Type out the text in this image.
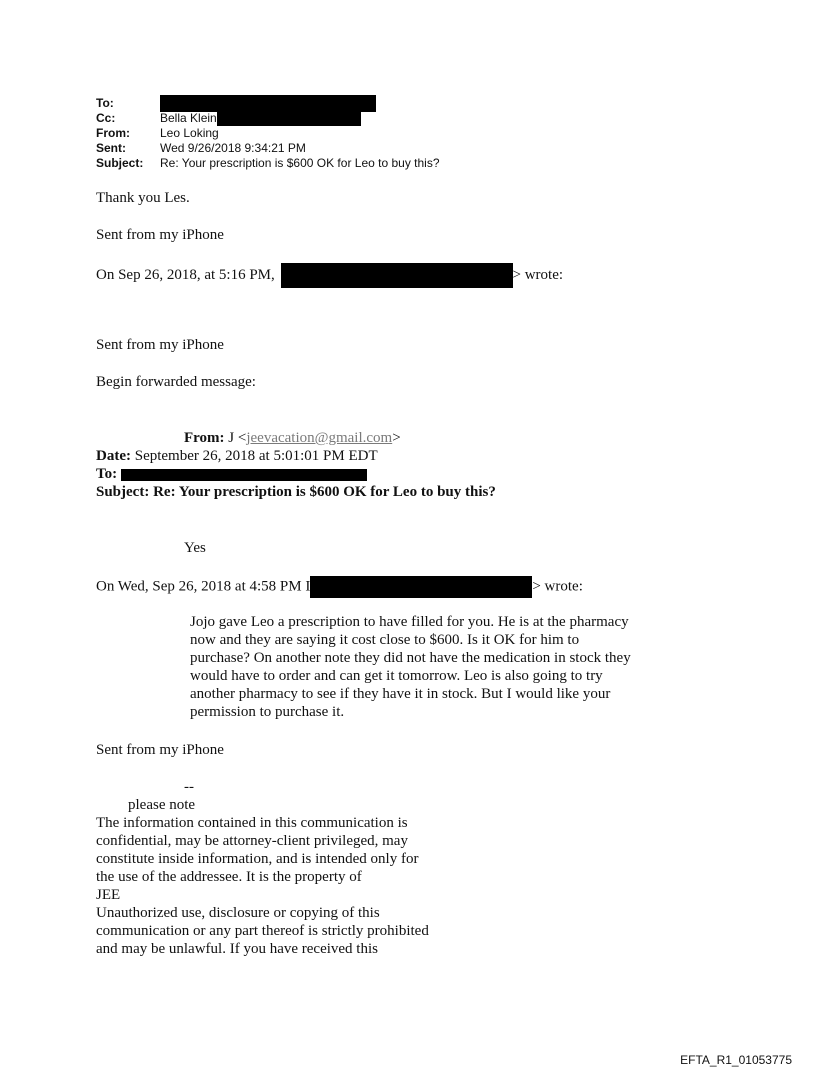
To:
Cc:	Bella Klein
From:	Leo Loking
Sent:	Wed 9/26/2018 9:34:21 PM
Subject:	Re: Your prescription is $600 OK for Leo to buy this?
Thank you Les.
Sent from my iPhone
On Sep 26, 2018, at 5:16 PM,	> wrote:
Sent from my iPhone
Begin forwarded message:
From: J <jeevacation@gmail.com>
Date: September 26, 2018 at 5:01:01 PM EDT
To:
Subject: Re: Your prescription is $600 OK for Leo to buy this?
Yes
On Wed, Sep 26, 2018 at 4:58 PM I	> wrote:
Jojo gave Leo a prescription to have filled for you. He is at the pharmacy now and they are saying it cost close to $600. Is it OK for him to purchase? On another note they did not have the medication in stock they would have to order and can get it tomorrow. Leo is also going to try another pharmacy to see if they have it in stock. But I would like your permission to purchase it.
Sent from my iPhone
--
please note
The information contained in this communication is
confidential, may be attorney-client privileged, may
constitute inside information, and is intended only for
the use of the addressee. It is the property of
JEE
Unauthorized use, disclosure or copying of this
communication or any part thereof is strictly prohibited
and may be unlawful. If you have received this
EFTA_R1_01053775
